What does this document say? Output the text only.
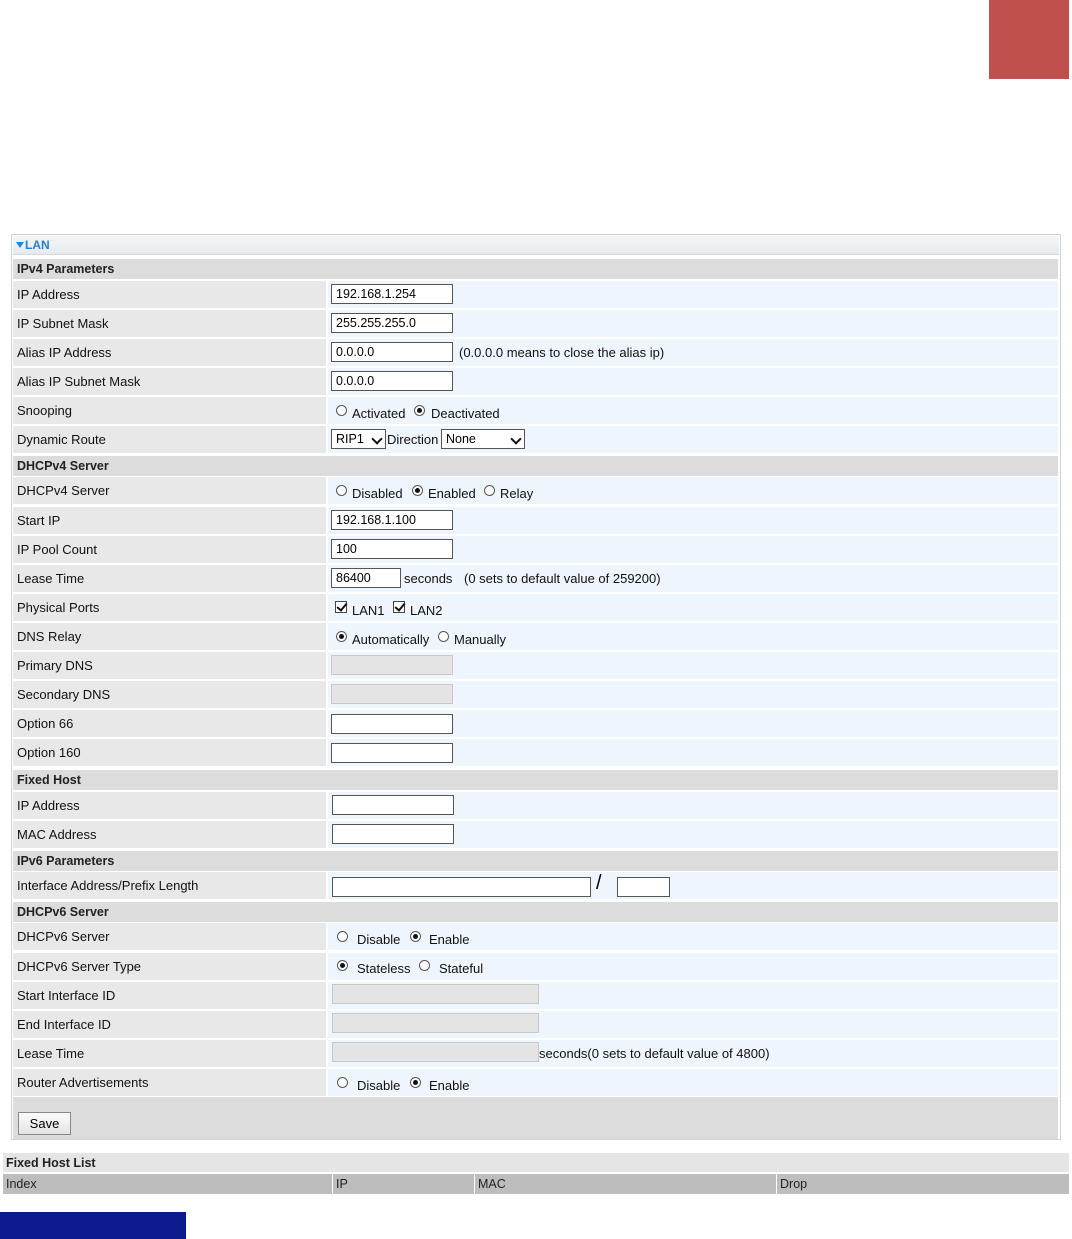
LAN
IPv4 Parameters
IP Address	192.168.1.254
IP Subnet Mask	255.255.255.0
Alias IP Address	0.0.0.0	(0.0.0.0 means to close the alias ip)
Alias IP Subnet Mask	0.0.0.0
Snooping	Activated Deactivated
Dynamic Route	RIP1	Direction None
DHCPv4 Server
DHCPv4 Server	Disabled Enabled Relay
Start IP	192.168.1.100
IP Pool Count	100
Lease Time	86400	seconds (0 sets to default value of 259200)
Physical Ports	LAN1 LAN2
DNS Relay	Automatically Manually
Primary DNS
Secondary DNS
Option 66
Option 160
Fixed Host
IP Address
MAC Address
IPv6 Parameters
Interface Address/Prefix Length	/
DHCPv6 Server
DHCPv6 Server	Disable Enable
DHCPv6 Server Type	Stateless Stateful
Start Interface ID
End Interface ID
Lease Time	seconds(0 sets to default value of 4800)
Router Advertisements	Disable Enable
Save
Fixed Host List
Index	IP	MAC	Drop
